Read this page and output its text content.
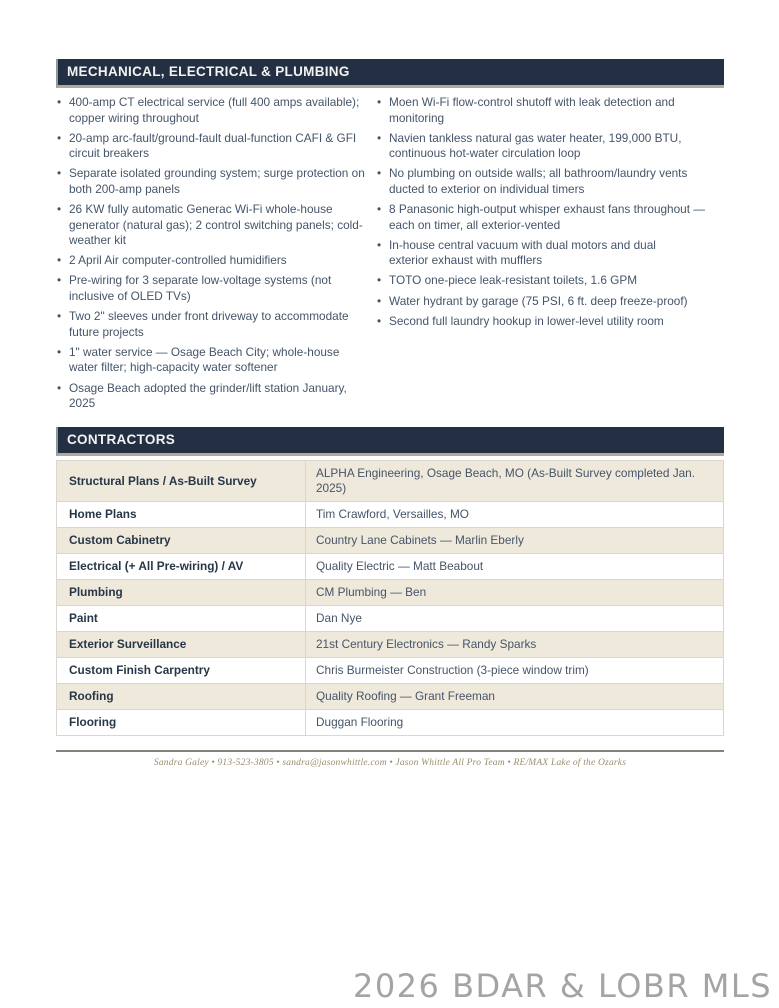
MECHANICAL, ELECTRICAL & PLUMBING
• 400-amp CT electrical service (full 400 amps available); copper wiring throughout
• 20-amp arc-fault/ground-fault dual-function CAFI & GFI circuit breakers
• Separate isolated grounding system; surge protection on both 200-amp panels
• 26 KW fully automatic Generac Wi-Fi whole-house generator (natural gas); 2 control switching panels; cold-weather kit
• 2 April Air computer-controlled humidifiers
• Pre-wiring for 3 separate low-voltage systems (not inclusive of OLED TVs)
• Two 2" sleeves under front driveway to accommodate future projects
• 1" water service — Osage Beach City; whole-house water filter; high-capacity water softener
• Osage Beach adopted the grinder/lift station January, 2025
• Moen Wi-Fi flow-control shutoff with leak detection and monitoring
• Navien tankless natural gas water heater, 199,000 BTU, continuous hot-water circulation loop
• No plumbing on outside walls; all bathroom/laundry vents ducted to exterior on individual timers
• 8 Panasonic high-output whisper exhaust fans throughout — each on timer, all exterior-vented
• In-house central vacuum with dual motors and dual exterior exhaust with mufflers
• TOTO one-piece leak-resistant toilets, 1.6 GPM
• Water hydrant by garage (75 PSI, 6 ft. deep freeze-proof)
• Second full laundry hookup in lower-level utility room
CONTRACTORS
Structural Plans / As-Built Survey	ALPHA Engineering, Osage Beach, MO (As-Built Survey completed Jan. 2025)
Home Plans	Tim Crawford, Versailles, MO
Custom Cabinetry	Country Lane Cabinets — Marlin Eberly
Electrical (+ All Pre-wiring) / AV	Quality Electric — Matt Beabout
Plumbing	CM Plumbing — Ben
Paint	Dan Nye
Exterior Surveillance	21st Century Electronics — Randy Sparks
Custom Finish Carpentry	Chris Burmeister Construction (3-piece window trim)
Roofing	Quality Roofing — Grant Freeman
Flooring	Duggan Flooring
Sandra Galey • 913-523-3805 • sandra@jasonwhittle.com • Jason Whittle All Pro Team • RE/MAX Lake of the Ozarks
2026 BDAR & LOBR MLS
